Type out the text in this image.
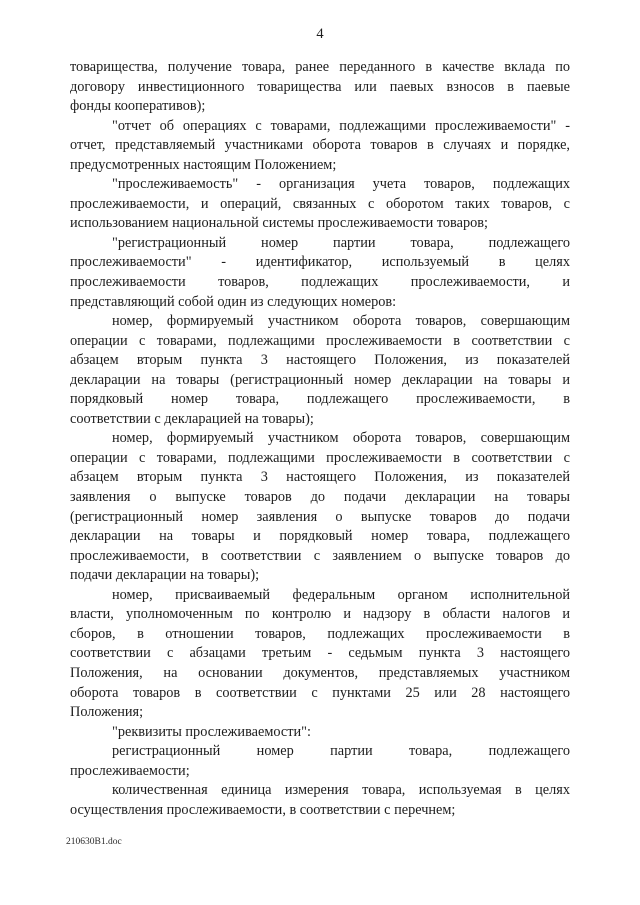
4
товарищества, получение товара, ранее переданного в качестве вклада по
договору инвестиционного товарищества или паевых взносов в паевые
фонды кооперативов);
"отчет об операциях с товарами, подлежащими прослеживаемости" -
отчет, представляемый участниками оборота товаров в случаях и порядке,
предусмотренных настоящим Положением;
"прослеживаемость" - организация учета товаров, подлежащих
прослеживаемости, и операций, связанных с оборотом таких товаров, с
использованием национальной системы прослеживаемости товаров;
"регистрационный номер партии товара, подлежащего
прослеживаемости" - идентификатор, используемый в целях
прослеживаемости товаров, подлежащих прослеживаемости, и
представляющий собой один из следующих номеров:
номер, формируемый участником оборота товаров, совершающим
операции с товарами, подлежащими прослеживаемости в соответствии с
абзацем вторым пункта 3 настоящего Положения, из показателей
декларации на товары (регистрационный номер декларации на товары и
порядковый номер товара, подлежащего прослеживаемости, в
соответствии с декларацией на товары);
номер, формируемый участником оборота товаров, совершающим
операции с товарами, подлежащими прослеживаемости в соответствии с
абзацем вторым пункта 3 настоящего Положения, из показателей
заявления о выпуске товаров до подачи декларации на товары
(регистрационный номер заявления о выпуске товаров до подачи
декларации на товары и порядковый номер товара, подлежащего
прослеживаемости, в соответствии с заявлением о выпуске товаров до
подачи декларации на товары);
номер, присваиваемый федеральным органом исполнительной
власти, уполномоченным по контролю и надзору в области налогов и
сборов, в отношении товаров, подлежащих прослеживаемости в
соответствии с абзацами третьим - седьмым пункта 3 настоящего
Положения, на основании документов, представляемых участником
оборота товаров в соответствии с пунктами 25 или 28 настоящего
Положения;
"реквизиты прослеживаемости":
регистрационный номер партии товара, подлежащего
прослеживаемости;
количественная единица измерения товара, используемая в целях
осуществления прослеживаемости, в соответствии с перечнем;
210630B1.doc
